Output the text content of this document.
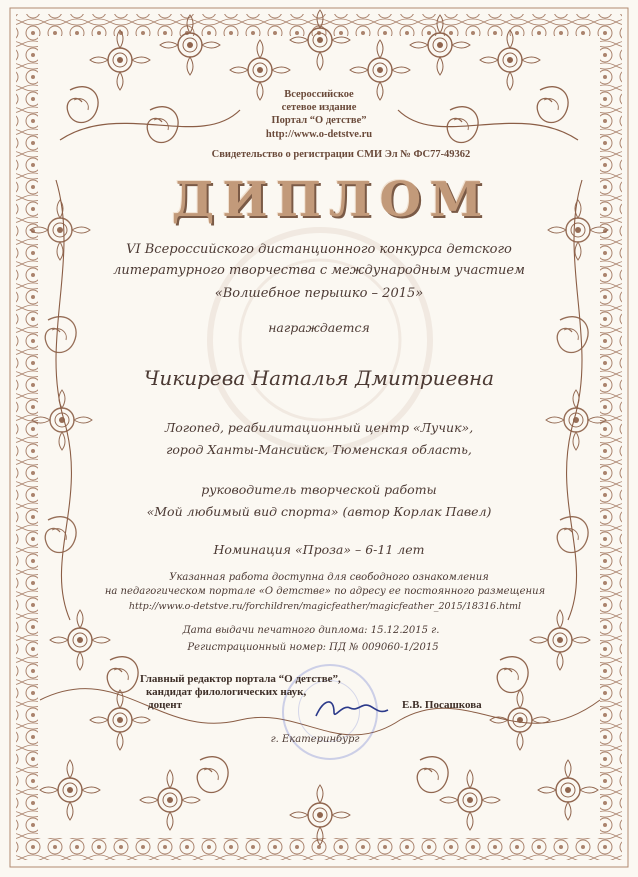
Всероссийское
сетевое издание
Портал “О детстве”
http://www.o-detstve.ru
Свидетельство о регистрации СМИ Эл № ФС77-49362
ДИПЛОМ
VI Всероссийского дистанционного конкурса детского
литературного творчества с международным участием
«Волшебное перышко – 2015»
награждается
Чикирева Наталья Дмитриевна
Логопед, реабилитационный центр «Лучик»,
город Ханты-Мансийск, Тюменская область,
руководитель творческой работы
«Мой любимый вид спорта» (автор Корлак Павел)
Номинация «Проза» – 6-11 лет
Указанная работа доступна для свободного ознакомления
на педагогическом портале «О детстве» по адресу ее постоянного размещения
http://www.o-detstve.ru/forchildren/magicfeather/magicfeather_2015/18316.html
Дата выдачи печатного диплома: 15.12.2015 г.
Регистрационный номер: ПД № 009060-1/2015
Главный редактор портала “О детстве”,
кандидат филологических наук,
доцент	Е.В. Посашкова
г. Екатеринбург
